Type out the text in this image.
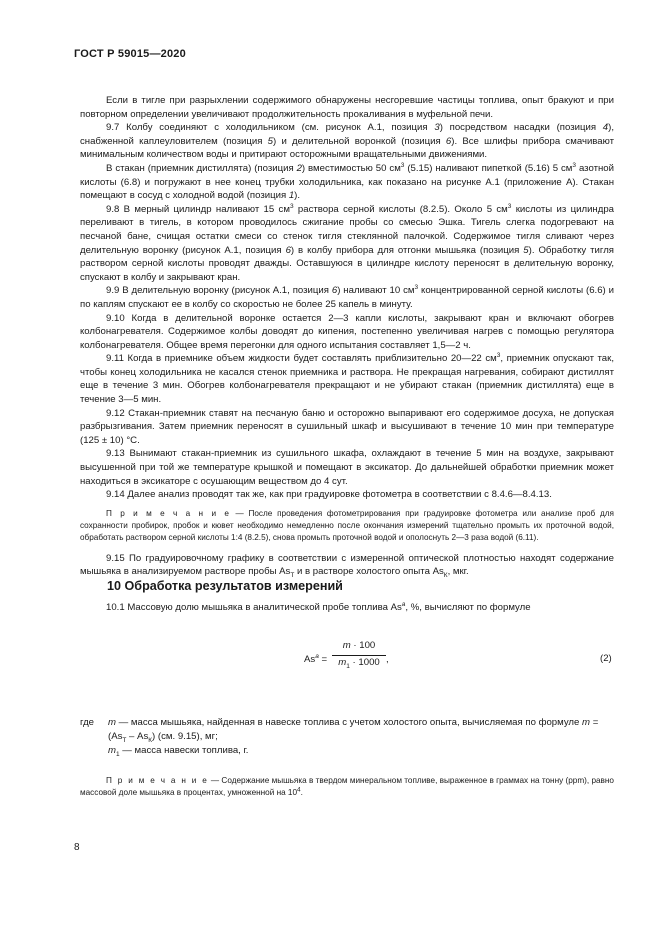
ГОСТ Р 59015—2020

Если в тигле при разрыхлении содержимого обнаружены несгоревшие частицы топлива, опыт бракуют и при повторном определении увеличивают продолжительность прокаливания в муфельной печи.

9.7 Колбу соединяют с холодильником (см. рисунок А.1, позиция 3) посредством насадки (позиция 4), снабженной каплеуловителем (позиция 5) и делительной воронкой (позиция 6). Все шлифы прибора смачивают минимальным количеством воды и притирают осторожными вращательными движениями.

В стакан (приемник дистиллята) (позиция 2) вместимостью 50 $см^3$ (5.15) наливают пипеткой (5.16) 5 $см^3$ азотной кислоты (6.8) и погружают в нее конец трубки холодильника, как показано на рисунке А.1 (приложение А). Стакан помещают в сосуд с холодной водой (позиция 1).

9.8 В мерный цилиндр наливают 15 $см^3$ раствора серной кислоты (8.2.5). Около 5 $см^3$ кислоты из цилиндра переливают в тигель, в котором проводилось сжигание пробы со смесью Эшка. Тигель слегка подогревают на песчаной бане, счищая остатки смеси со стенок тигля стеклянной палочкой. Содержимое тигля сливают через делительную воронку (рисунок А.1, позиция 6) в колбу прибора для отгонки мышьяка (позиция 5). Обработку тигля раствором серной кислоты проводят дважды. Оставшуюся в цилиндре кислоту переносят в делительную воронку, спускают в колбу и закрывают кран.

9.9 В делительную воронку (рисунок А.1, позиция 6) наливают 10 $см^3$ концентрированной серной кислоты (6.6) и по каплям спускают ее в колбу со скоростью не более 25 капель в минуту.

9.10 Когда в делительной воронке остается 2—3 капли кислоты, закрывают кран и включают обогрев колбонагревателя. Содержимое колбы доводят до кипения, постепенно увеличивая нагрев с помощью регулятора колбонагревателя. Общее время перегонки для одного испытания составляет 1,5—2 ч.

9.11 Когда в приемнике объем жидкости будет составлять приблизительно 20—22 $см^3$, приемник опускают так, чтобы конец холодильника не касался стенок приемника и раствора. Не прекращая нагревания, собирают дистиллят еще в течение 3 мин. Обогрев колбонагревателя прекращают и не убирают стакан (приемник дистиллята) еще в течение 3—5 мин.

9.12 Стакан-приемник ставят на песчаную баню и осторожно выпаривают его содержимое досуха, не допуская разбрызгивания. Затем приемник переносят в сушильный шкаф и высушивают в течение 10 мин при температуре (125 ± 10) °C.

9.13 Вынимают стакан-приемник из сушильного шкафа, охлаждают в течение 5 мин на воздухе, закрывают высушенной при той же температуре крышкой и помещают в эксикатор. До дальнейшей обработки приемник может находиться в эксикаторе с осушающим веществом до 4 сут.

9.14 Далее анализ проводят так же, как при градуировке фотометра в соответствии с 8.4.6—8.4.13.

П р и м е ч а н и е — После проведения фотометрирования при градуировке фотометра или анализе проб для сохранности пробирок, пробок и кювет необходимо немедленно после окончания измерений тщательно промыть их проточной водой, обработать раствором серной кислоты 1:4 (8.2.5), снова промыть проточной водой и ополоснуть 2—3 раза водой (6.11).

9.15 По градуировочному графику в соответствии с измеренной оптической плотностью находят содержание мышьяка в анализируемом растворе пробы $As_Т$ и в растворе холостого опыта $As_К$, мкг.

10 Обработка результатов измерений
10.1 Массовую долю мышьяка в аналитической пробе топлива As$^a$, %, вычисляют по формуле
$As^a$ =
m · 100
$m_1 \cdot 1000$ ,	(2)
где m — масса мышьяка, найденная в навеске топлива с учетом холостого опыта, вычисляемая по формуле $m = (As_Т - As_К)$ (см. 9.15), мг;
$m_1$ — масса навески топлива, г.
П р и м е ч а н и е — Содержание мышьяка в твердом минеральном топливе, выраженное в граммах на тонну (ppm), равно массовой доле мышьяка в процентах, умноженной на $10^4$.
8
